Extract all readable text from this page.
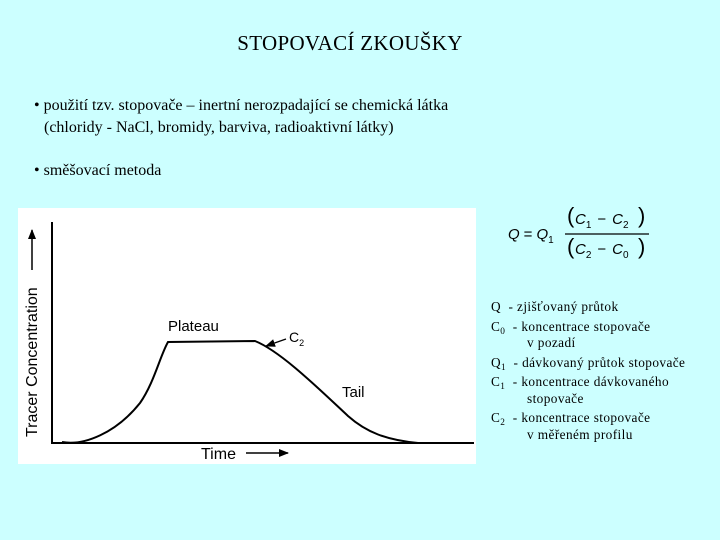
STOPOVACÍ ZKOUŠKY
• použití tzv. stopovače – inertní nerozpadající se chemická látka
(chloridy - NaCl, bromidy, barviva, radioaktivní látky)
• směšovací metoda
Tracer Concentration
Time
Plateau
$C_2$
Tail
$Q = Q_1$
( $C_1 - C_2$ )
( $C_2 - C_0$ )
Q - zjišťovaný průtok
$C_0$ - koncentrace stopovače
v pozadí
$Q_1$ - dávkovaný průtok stopovače
$C_1$ - koncentrace dávkovaného
stopovače
$C_2$ - koncentrace stopovače
v měřeném profilu
